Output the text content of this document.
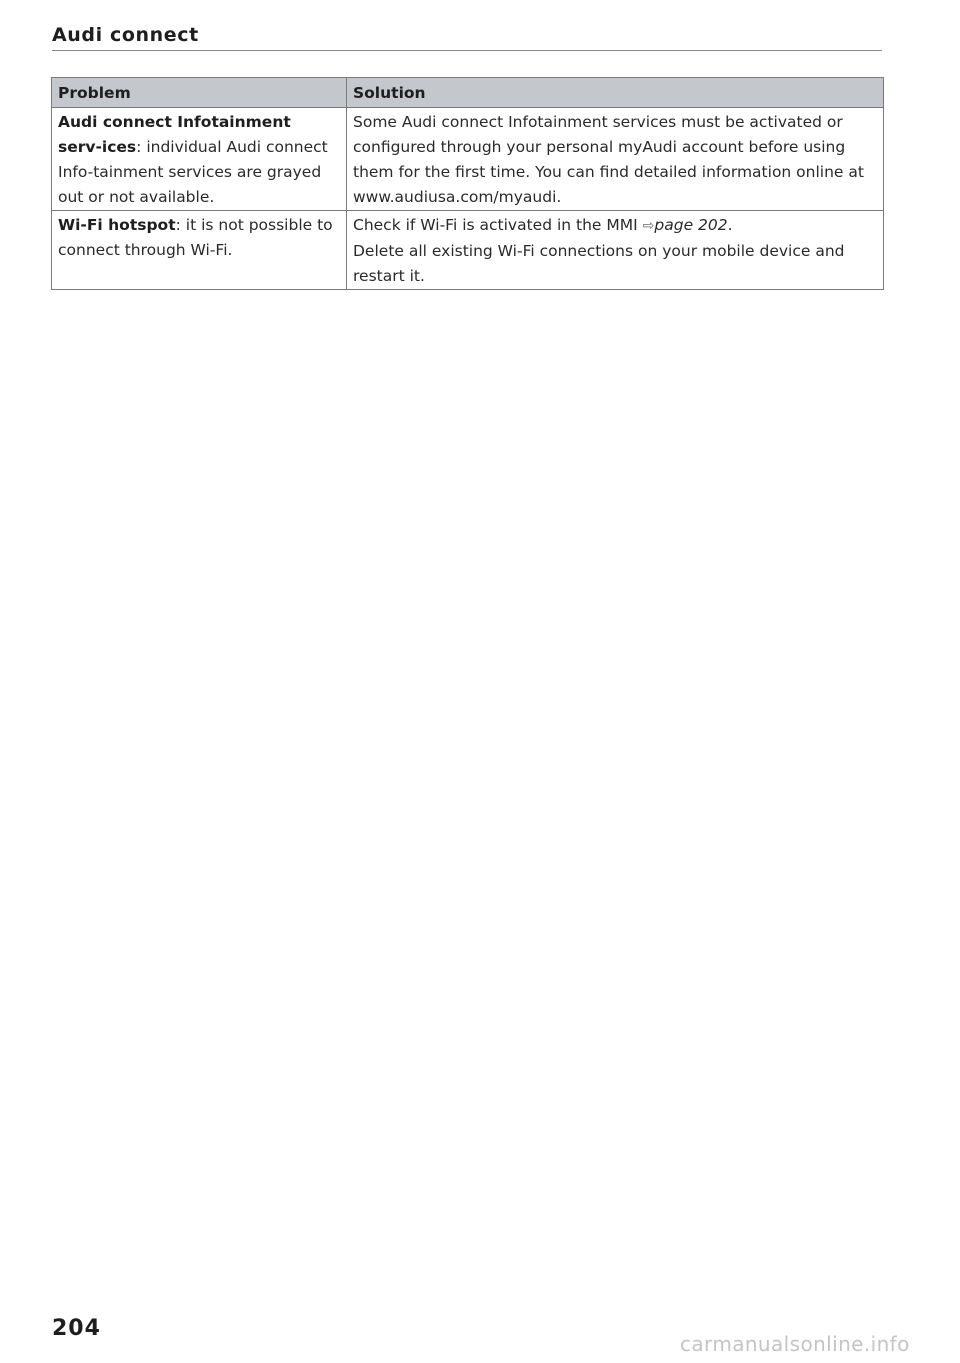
Audi connect
Problem	Solution
Audi connect Infotainment serv-ices: individual Audi connect Info-tainment services are grayed out or not available.	Some Audi connect Infotainment services must be activated or configured through your personal myAudi account before using them for the first time. You can find detailed information online at www.audiusa.com/myaudi.
Wi-Fi hotspot: it is not possible to connect through Wi-Fi.	Check if Wi-Fi is activated in the MMI ⇨page 202.
Delete all existing Wi-Fi connections on your mobile device and restart it.
204
carmanualsonline.info
